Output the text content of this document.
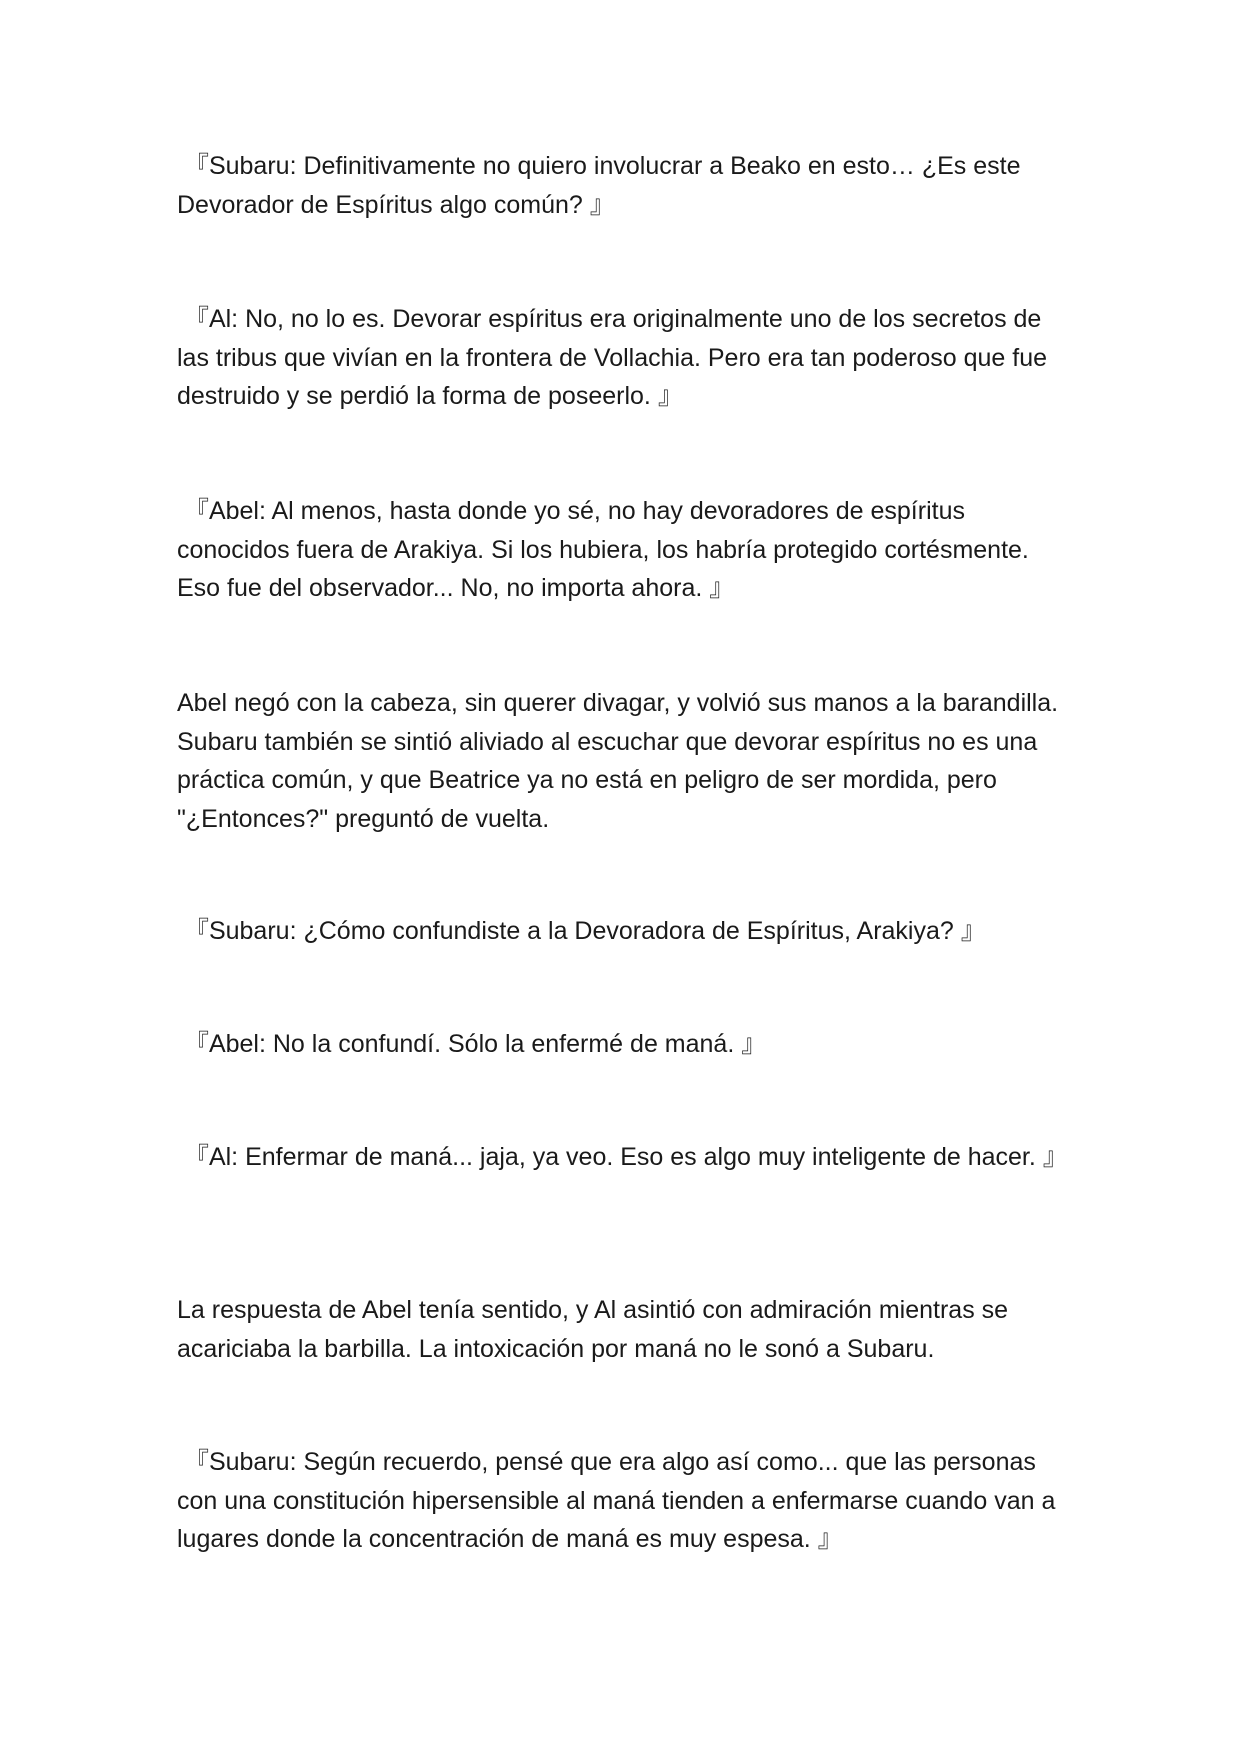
『Subaru: Definitivamente no quiero involucrar a Beako en esto… ¿Es este Devorador de Espíritus algo común? 』

『Al: No, no lo es. Devorar espíritus era originalmente uno de los secretos de las tribus que vivían en la frontera de Vollachia. Pero era tan poderoso que fue destruido y se perdió la forma de poseerlo. 』

『Abel: Al menos, hasta donde yo sé, no hay devoradores de espíritus conocidos fuera de Arakiya. Si los hubiera, los habría protegido cortésmente. Eso fue del observador... No, no importa ahora. 』

Abel negó con la cabeza, sin querer divagar, y volvió sus manos a la barandilla. Subaru también se sintió aliviado al escuchar que devorar espíritus no es una práctica común, y que Beatrice ya no está en peligro de ser mordida, pero "¿Entonces?" preguntó de vuelta.

『Subaru: ¿Cómo confundiste a la Devoradora de Espíritus, Arakiya? 』

『Abel: No la confundí. Sólo la enfermé de maná. 』

『Al: Enfermar de maná... jaja, ya veo. Eso es algo muy inteligente de hacer. 』

La respuesta de Abel tenía sentido, y Al asintió con admiración mientras se acariciaba la barbilla. La intoxicación por maná no le sonó a Subaru.

『Subaru: Según recuerdo, pensé que era algo así como... que las personas con una constitución hipersensible al maná tienden a enfermarse cuando van a lugares donde la concentración de maná es muy espesa. 』
